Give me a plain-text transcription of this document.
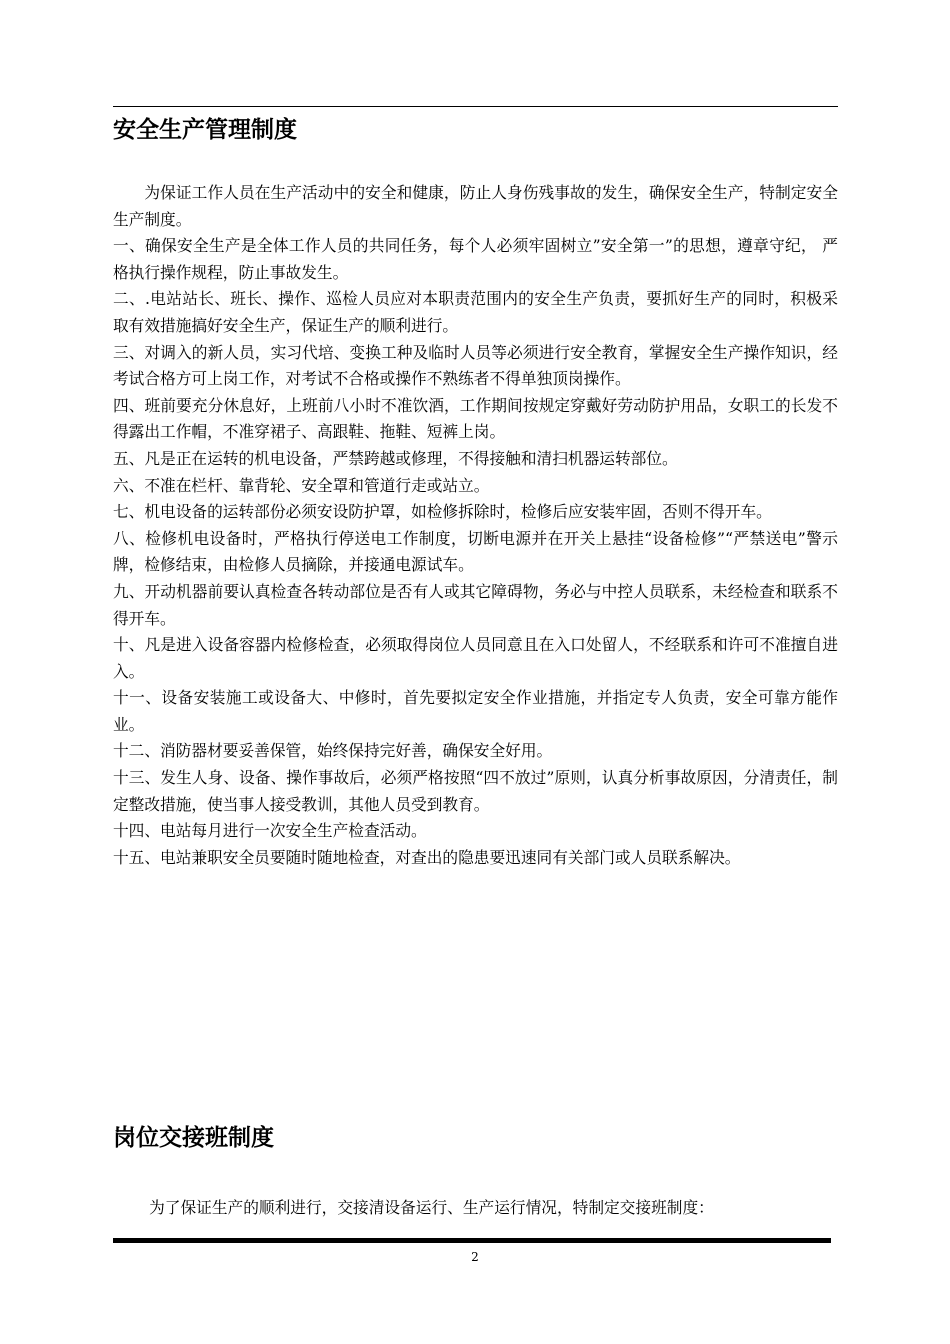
安全生产管理制度

为保证工作人员在生产活动中的安全和健康，防止人身伤残事故的发生，确保安全生产，特制定安全生产制度。

一、确保安全生产是全体工作人员的共同任务，每个人必须牢固树立”安全第一”的思想，遵章守纪， 严格执行操作规程，防止事故发生。

二、.电站站长、班长、操作、巡检人员应对本职责范围内的安全生产负责，要抓好生产的同时，积极采取有效措施搞好安全生产，保证生产的顺利进行。

三、对调入的新人员，实习代培、变换工种及临时人员等必须进行安全教育，掌握安全生产操作知识，经考试合格方可上岗工作，对考试不合格或操作不熟练者不得单独顶岗操作。

四、班前要充分休息好，上班前八小时不准饮酒，工作期间按规定穿戴好劳动防护用品，女职工的长发不得露出工作帽，不准穿裙子、高跟鞋、拖鞋、短裤上岗。

五、凡是正在运转的机电设备，严禁跨越或修理，不得接触和清扫机器运转部位。

六、不准在栏杆、靠背轮、安全罩和管道行走或站立。

七、机电设备的运转部份必须安设防护罩，如检修拆除时，检修后应安装牢固，否则不得开车。

八、检修机电设备时，严格执行停送电工作制度，切断电源并在开关上悬挂“设备检修”“严禁送电”警示牌，检修结束，由检修人员摘除，并接通电源试车。

九、开动机器前要认真检查各转动部位是否有人或其它障碍物，务必与中控人员联系，未经检查和联系不得开车。

十、凡是进入设备容器内检修检查，必须取得岗位人员同意且在入口处留人，不经联系和许可不准擅自进入。

十一、设备安装施工或设备大、中修时，首先要拟定安全作业措施，并指定专人负责，安全可靠方能作业。

十二、消防器材要妥善保管，始终保持完好善，确保安全好用。

十三、发生人身、设备、操作事故后，必须严格按照“四不放过”原则，认真分析事故原因，分清责任，制定整改措施，使当事人接受教训，其他人员受到教育。

十四、电站每月进行一次安全生产检查活动。

十五、电站兼职安全员要随时随地检查，对查出的隐患要迅速同有关部门或人员联系解决。

岗位交接班制度

为了保证生产的顺利进行，交接清设备运行、生产运行情况，特制定交接班制度：

2
